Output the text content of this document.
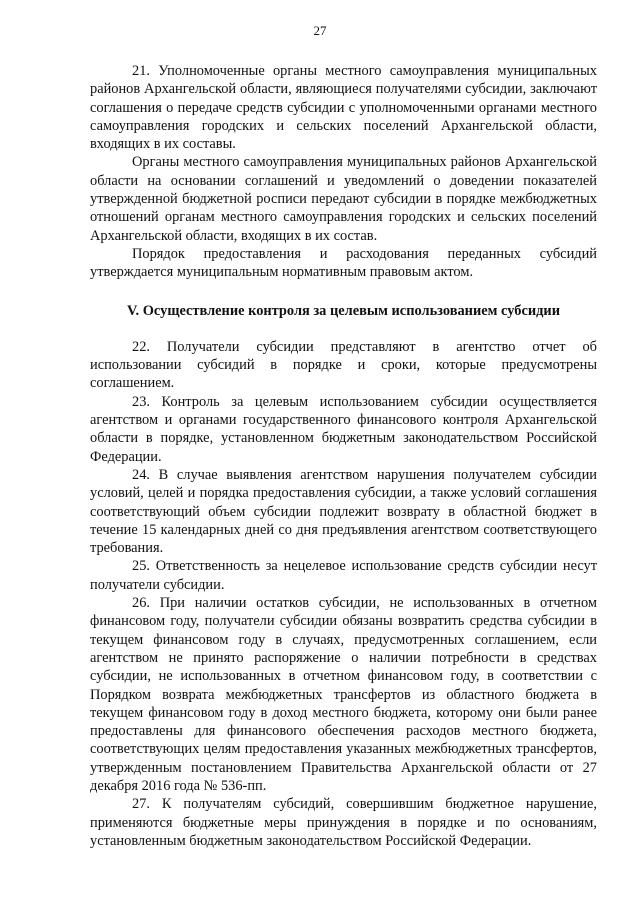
27

21. Уполномоченные органы местного самоуправления муниципальных районов Архангельской области, являющиеся получателями субсидии, заключают соглашения о передаче средств субсидии с уполномоченными органами местного самоуправления городских и сельских поселений Архангельской области, входящих в их составы.

Органы местного самоуправления муниципальных районов Архангельской области на основании соглашений и уведомлений о доведении показателей утвержденной бюджетной росписи передают субсидии в порядке межбюджетных отношений органам местного самоуправления городских и сельских поселений Архангельской области, входящих в их состав.

Порядок предоставления и расходования переданных субсидий утверждается муниципальным нормативным правовым актом.

V. Осуществление контроля за целевым использованием субсидии

22. Получатели субсидии представляют в агентство отчет об использовании субсидий в порядке и сроки, которые предусмотрены соглашением.

23. Контроль за целевым использованием субсидии осуществляется агентством и органами государственного финансового контроля Архангельской области в порядке, установленном бюджетным законодательством Российской Федерации.

24. В случае выявления агентством нарушения получателем субсидии условий, целей и порядка предоставления субсидии, а также условий соглашения соответствующий объем субсидии подлежит возврату в областной бюджет в течение 15 календарных дней со дня предъявления агентством соответствующего требования.

25. Ответственность за нецелевое использование средств субсидии несут получатели субсидии.

26. При наличии остатков субсидии, не использованных в отчетном финансовом году, получатели субсидии обязаны возвратить средства субсидии в текущем финансовом году в случаях, предусмотренных соглашением, если агентством не принято распоряжение о наличии потребности в средствах субсидии, не использованных в отчетном финансовом году, в соответствии с Порядком возврата межбюджетных трансфертов из областного бюджета в текущем финансовом году в доход местного бюджета, которому они были ранее предоставлены для финансового обеспечения расходов местного бюджета, соответствующих целям предоставления указанных межбюджетных трансфертов, утвержденным постановлением Правительства Архангельской области от 27 декабря 2016 года № 536-пп.

27. К получателям субсидий, совершившим бюджетное нарушение, применяются бюджетные меры принуждения в порядке и по основаниям, установленным бюджетным законодательством Российской Федерации.
